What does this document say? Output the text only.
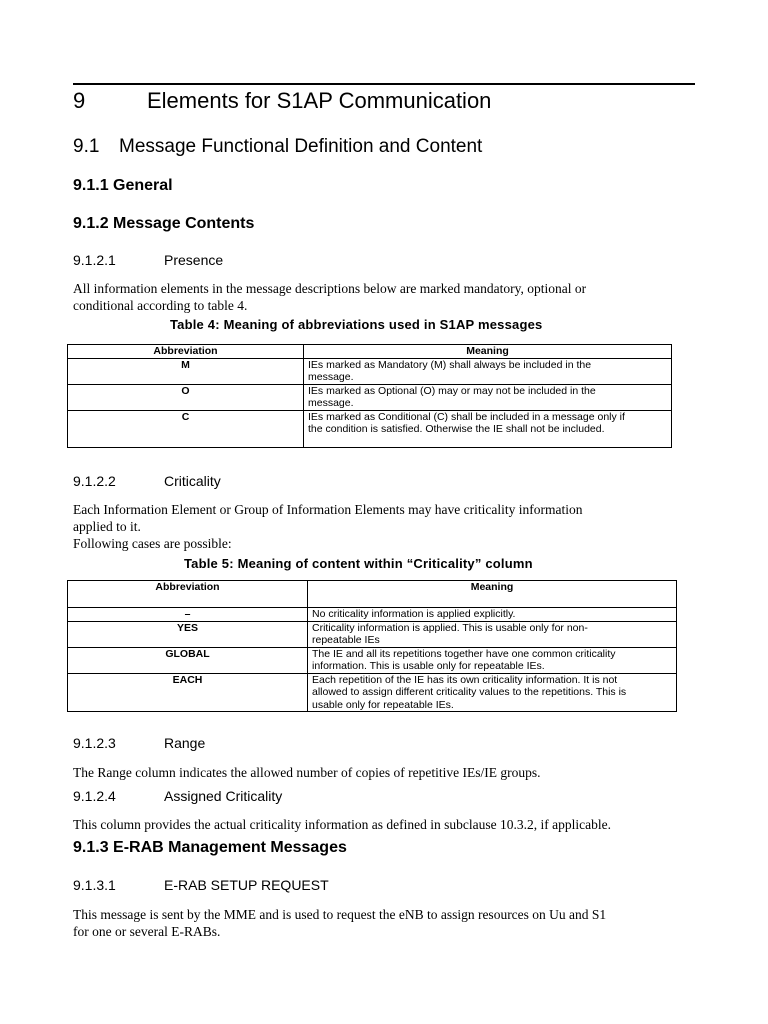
9	Elements for S1AP Communication
9.1 Message Functional Definition and Content
9.1.1 General
9.1.2 Message Contents
9.1.2.1	Presence
All information elements in the message descriptions below are marked mandatory, optional or
conditional according to table 4.
Table 4: Meaning of abbreviations used in S1AP messages
Abbreviation	Meaning
M	IEs marked as Mandatory (M) shall always be included in the
message.

O	IEs marked as Optional (O) may or may not be included in the
message.

C	IEs marked as Conditional (C) shall be included in a message only if
the condition is satisfied. Otherwise the IE shall not be included.
9.1.2.2	Criticality
Each Information Element or Group of Information Elements may have criticality information
applied to it.
Following cases are possible:
Table 5: Meaning of content within “Criticality” column
Abbreviation	Meaning
–	No criticality information is applied explicitly.

YES	Criticality information is applied. This is usable only for non-
repeatable IEs

GLOBAL	The IE and all its repetitions together have one common criticality
information. This is usable only for repeatable IEs.

EACH	Each repetition of the IE has its own criticality information. It is not
allowed to assign different criticality values to the repetitions. This is
usable only for repeatable IEs.
9.1.2.3	Range
The Range column indicates the allowed number of copies of repetitive IEs/IE groups.
9.1.2.4	Assigned Criticality
This column provides the actual criticality information as defined in subclause 10.3.2, if applicable.
9.1.3 E-RAB Management Messages
9.1.3.1	E-RAB SETUP REQUEST
This message is sent by the MME and is used to request the eNB to assign resources on Uu and S1
for one or several E-RABs.
